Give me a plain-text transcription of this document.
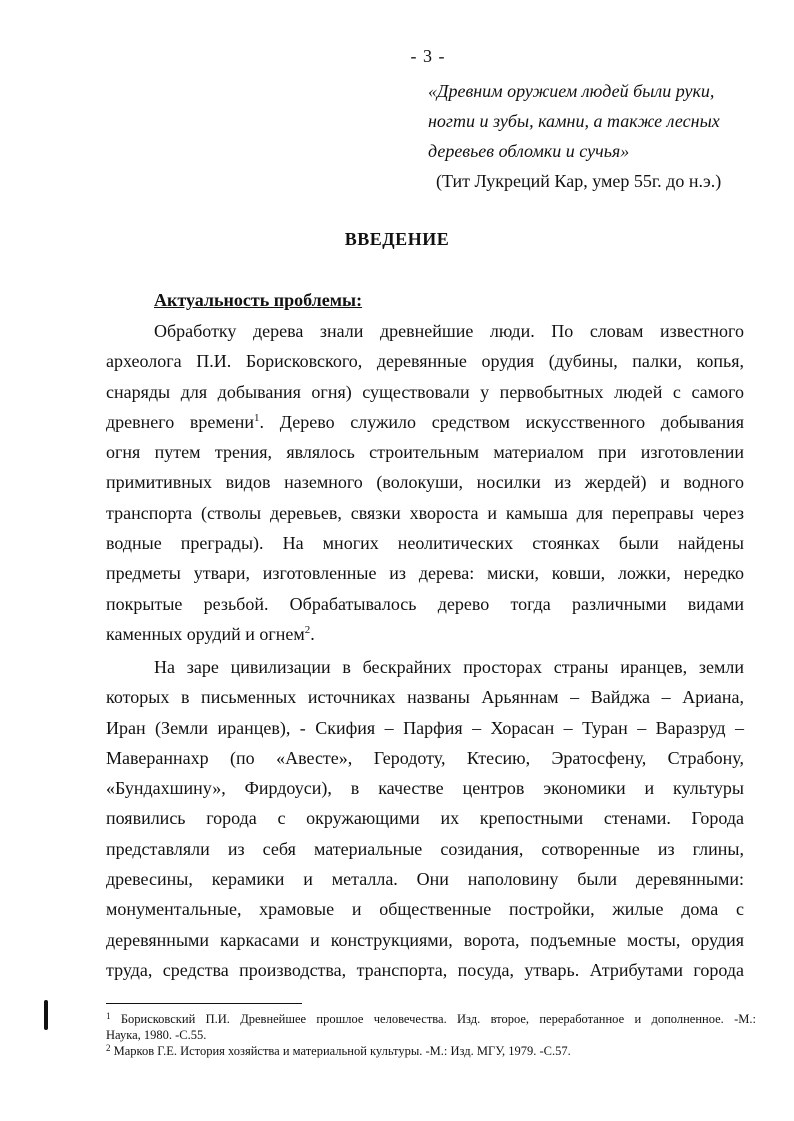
- 3 -
«Древним оружием людей были руки,
ногти и зубы, камни, а также лесных
деревьев обломки и сучья»
(Тит Лукреций Кар, умер 55г. до н.э.)
ВВЕДЕНИЕ
Актуальность проблемы:
Обработку дерева знали древнейшие люди. По словам известного
археолога П.И. Борисковского, деревянные орудия (дубины, палки, копья,
снаряды для добывания огня) существовали у первобытных людей с самого
древнего времени$^1$. Дерево служило средством искусственного добывания
огня путем трения, являлось строительным материалом при изготовлении
примитивных видов наземного (волокуши, носилки из жердей) и водного
транспорта (стволы деревьев, связки хвороста и камыша для переправы через
водные преграды). На многих неолитических стоянках были найдены
предметы утвари, изготовленные из дерева: миски, ковши, ложки, нередко
покрытые резьбой. Обрабатывалось дерево тогда различными видами
каменных орудий и огнем$^2$.
На заре цивилизации в бескрайних просторах страны иранцев, земли
которых в письменных источниках названы Арьяннам – Вайджа – Ариана,
Иран (Земли иранцев), - Скифия – Парфия – Хорасан – Туран – Варазруд –
Мавераннахр (по «Авесте», Геродоту, Ктесию, Эратосфену, Страбону,
«Бундахшину», Фирдоуси), в качестве центров экономики и культуры
появились города с окружающими их крепостными стенами. Города
представляли из себя материальные созидания, сотворенные из глины,
древесины, керамики и металла. Они наполовину были деревянными:
монументальные, храмовые и общественные постройки, жилые дома с
деревянными каркасами и конструкциями, ворота, подъемные мосты, орудия
труда, средства производства, транспорта, посуда, утварь. Атрибутами города
$^1$ Борисковский П.И. Древнейшее прошлое человечества. Изд. второе, переработанное и дополненное. -М.:
Наука, 1980. -С.55.
$^2$ Марков Г.Е. История хозяйства и материальной культуры. -М.: Изд. МГУ, 1979. -С.57.
